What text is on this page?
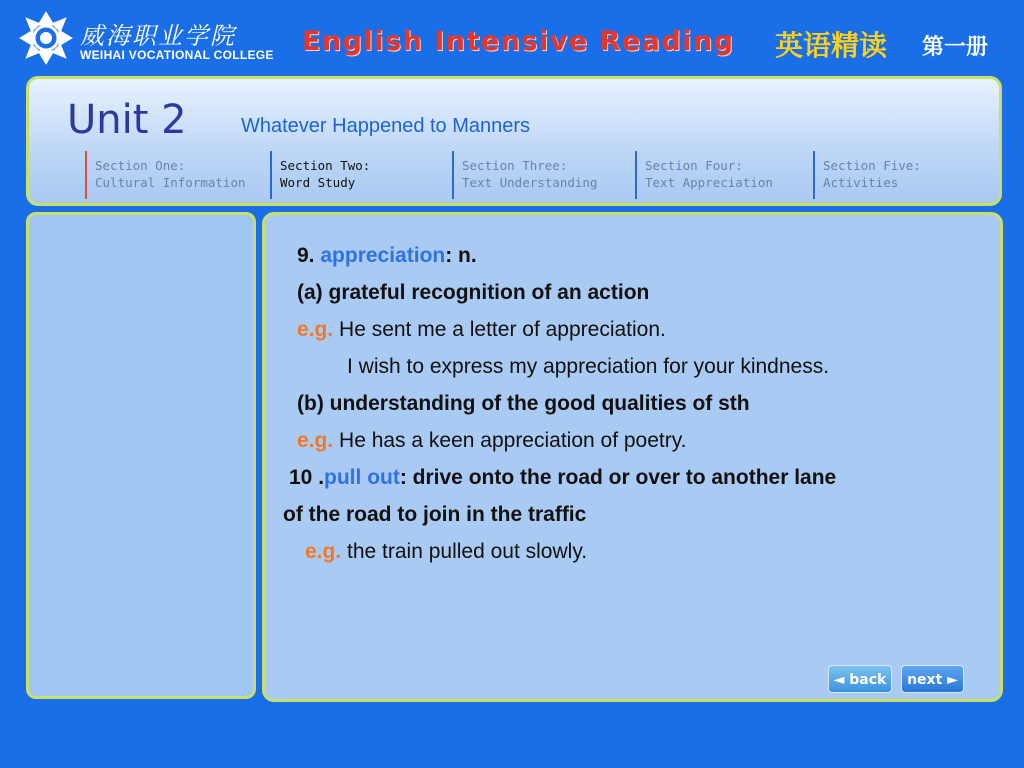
威海职业学院
WEIHAI VOCATIONAL COLLEGE English Intensive Reading 英语精读 第一册
Unit 2	Whatever Happened to Manners
Section One:
Cultural Information
Section Two:
Word Study
Section Three:
Text Understanding
Section Four:
Text Appreciation
Section Five:
Activities
9. appreciation: n.
(a) grateful recognition of an action
e.g. He sent me a letter of appreciation.
I wish to express my appreciation for your kindness.
(b) understanding of the good qualities of sth
e.g. He has a keen appreciation of poetry.
10 .pull out: drive onto the road or over to another lane
of the road to join in the traffic
e.g. the train pulled out slowly.
◄ back	next ►
